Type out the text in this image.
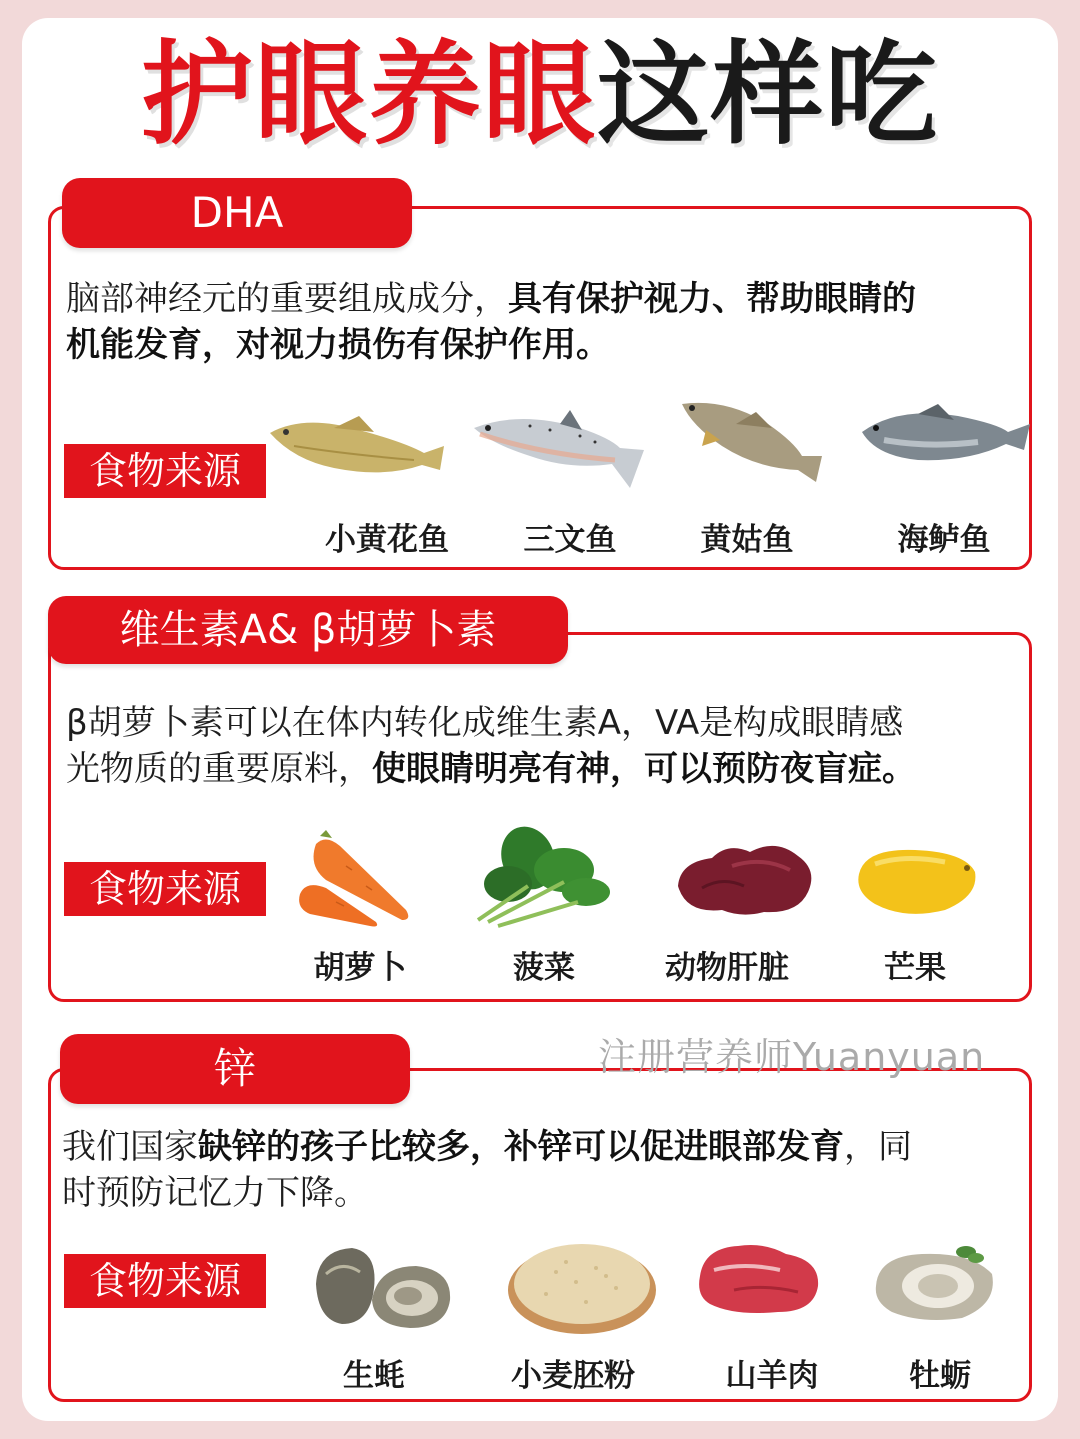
护眼养眼这样吃
DHA
脑部神经元的重要组成成分，具有保护视力、帮助眼睛的
机能发育，对视力损伤有保护作用。
食物来源
小黄花鱼	三文鱼	黄姑鱼	海鲈鱼
维生素A& β胡萝卜素
β胡萝卜素可以在体内转化成维生素A，VA是构成眼睛感
光物质的重要原料，使眼睛明亮有神，可以预防夜盲症。
食物来源
胡萝卜	菠菜	动物肝脏	芒果
锌	注册营养师Yuanyuan
我们国家缺锌的孩子比较多，补锌可以促进眼部发育，同
时预防记忆力下降。
食物来源
生蚝	小麦胚粉	山羊肉	牡蛎
